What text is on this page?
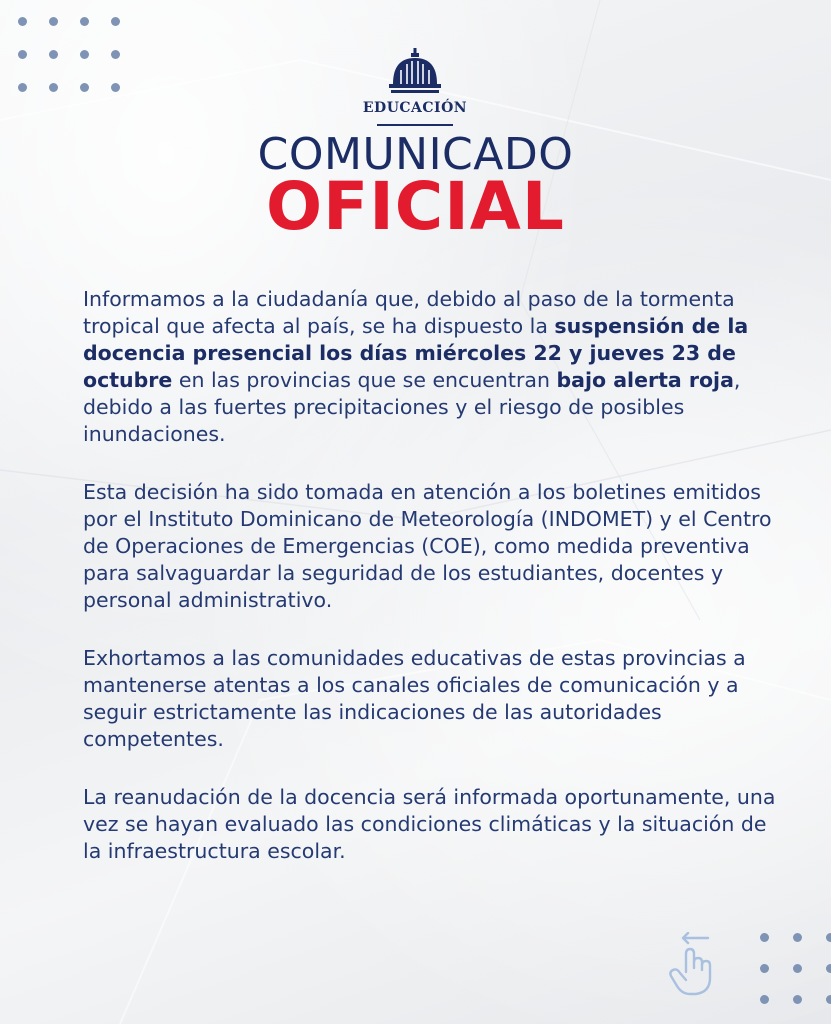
EDUCACIÓN
COMUNICADO
OFICIAL

Informamos a la ciudadanía que, debido al paso de la tormenta tropical que afecta al país, se ha dispuesto la suspensión de la docencia presencial los días miércoles 22 y jueves 23 de octubre en las provincias que se encuentran bajo alerta roja, debido a las fuertes precipitaciones y el riesgo de posibles inundaciones.

Esta decisión ha sido tomada en atención a los boletines emitidos por el Instituto Dominicano de Meteorología (INDOMET) y el Centro de Operaciones de Emergencias (COE), como medida preventiva para salvaguardar la seguridad de los estudiantes, docentes y personal administrativo.

Exhortamos a las comunidades educativas de estas provincias a mantenerse atentas a los canales oficiales de comunicación y a seguir estrictamente las indicaciones de las autoridades competentes.

La reanudación de la docencia será informada oportunamente, una vez se hayan evaluado las condiciones climáticas y la situación de la infraestructura escolar.
